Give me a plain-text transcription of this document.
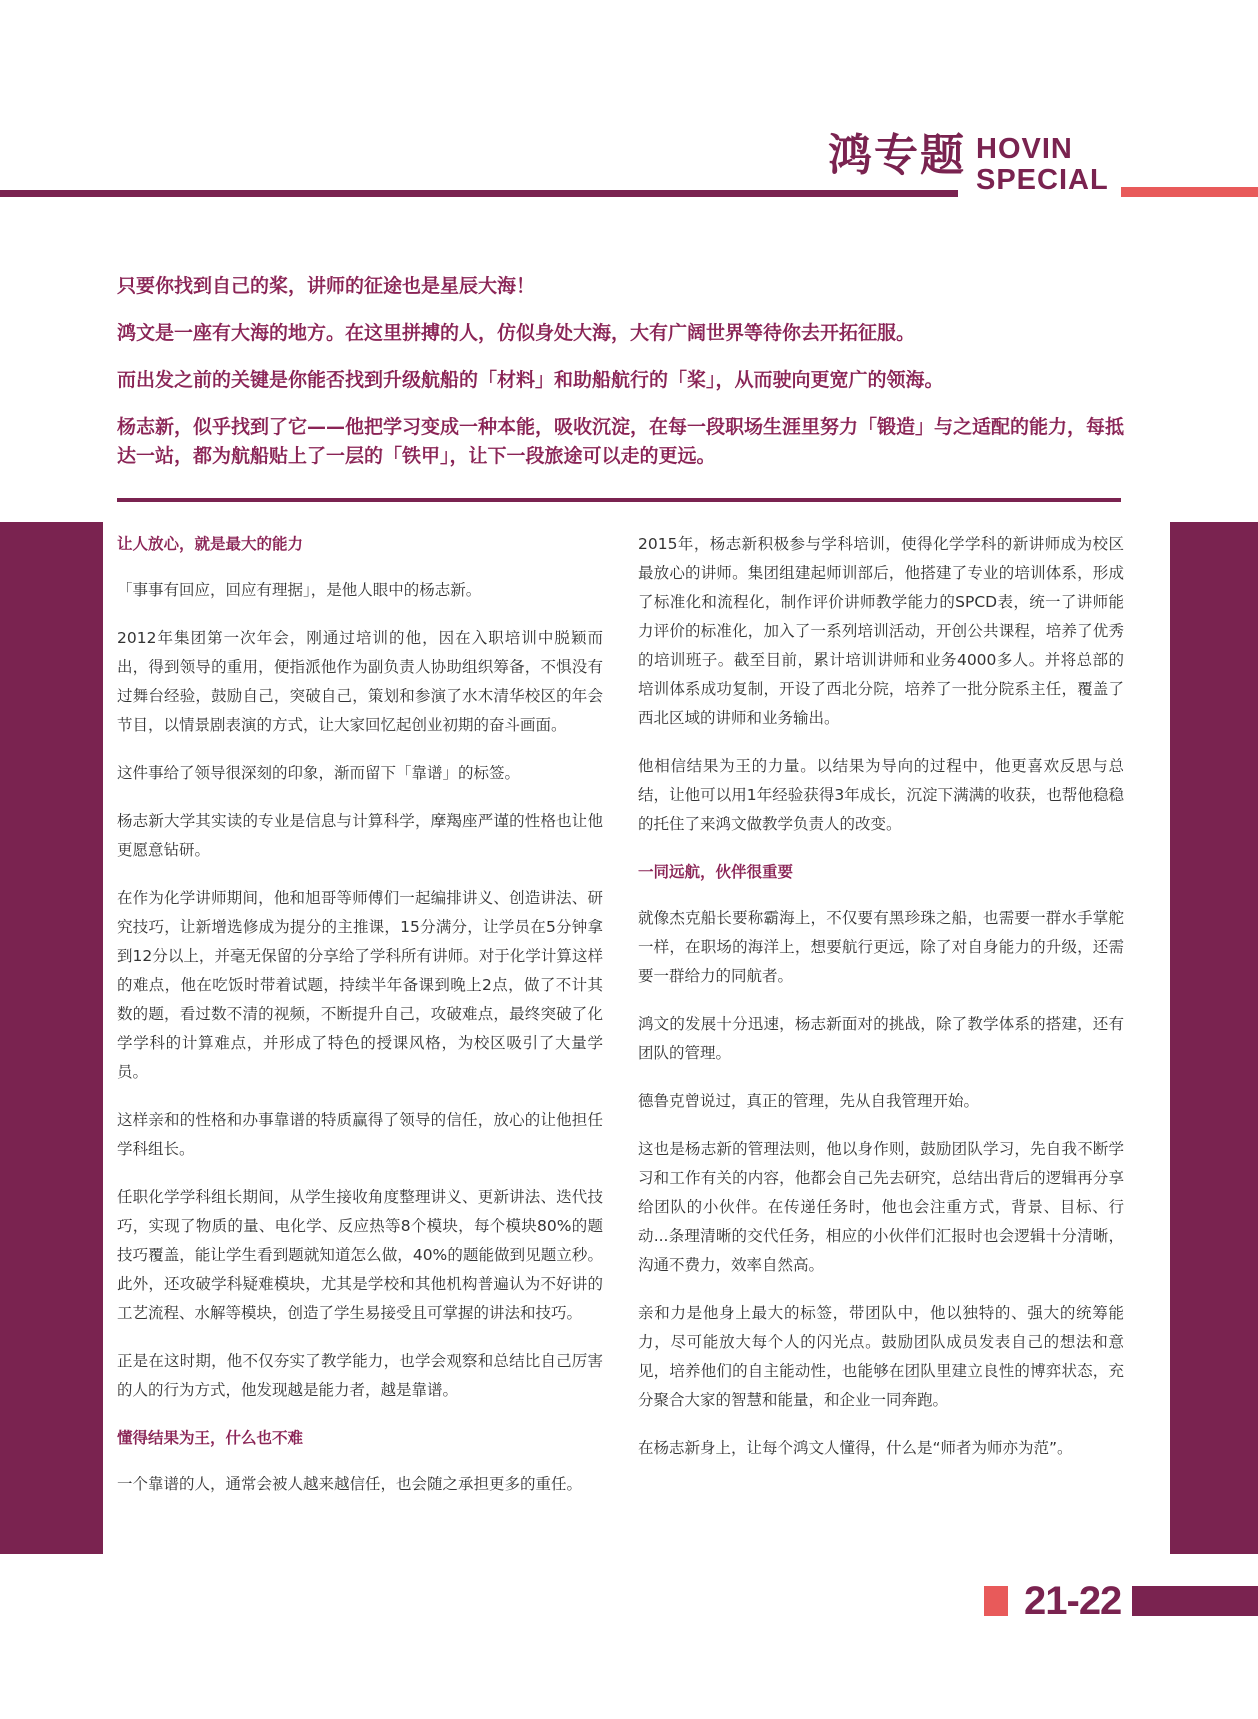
鸿专题 HOVIN
SPECIAL

只要你找到自己的桨，讲师的征途也是星辰大海！

鸿文是一座有大海的地方。在这里拼搏的人，仿似身处大海，大有广阔世界等待你去开拓征服。

而出发之前的关键是你能否找到升级航船的「材料」和助船航行的「桨」，从而驶向更宽广的领海。

杨志新，似乎找到了它——他把学习变成一种本能，吸收沉淀，在每一段职场生涯里努力「锻造」与之适配的能力，每抵达一站，都为航船贴上了一层的「铁甲」，让下一段旅途可以走的更远。

让人放心，就是最大的能力

「事事有回应，回应有理据」，是他人眼中的杨志新。

2012年集团第一次年会，刚通过培训的他，因在入职培训中脱颖而出，得到领导的重用，便指派他作为副负责人协助组织筹备，不惧没有过舞台经验，鼓励自己，突破自己，策划和参演了水木清华校区的年会节目，以情景剧表演的方式，让大家回忆起创业初期的奋斗画面。

这件事给了领导很深刻的印象，渐而留下「靠谱」的标签。

杨志新大学其实读的专业是信息与计算科学，摩羯座严谨的性格也让他更愿意钻研。

在作为化学讲师期间，他和旭哥等师傅们一起编排讲义、创造讲法、研究技巧，让新增选修成为提分的主推课，15分满分，让学员在5分钟拿到12分以上，并毫无保留的分享给了学科所有讲师。对于化学计算这样的难点，他在吃饭时带着试题，持续半年备课到晚上2点，做了不计其数的题，看过数不清的视频，不断提升自己，攻破难点，最终突破了化学学科的计算难点，并形成了特色的授课风格，为校区吸引了大量学员。

这样亲和的性格和办事靠谱的特质赢得了领导的信任，放心的让他担任学科组长。

任职化学学科组长期间，从学生接收角度整理讲义、更新讲法、迭代技巧，实现了物质的量、电化学、反应热等8个模块，每个模块80%的题技巧覆盖，能让学生看到题就知道怎么做，40%的题能做到见题立秒。此外，还攻破学科疑难模块，尤其是学校和其他机构普遍认为不好讲的工艺流程、水解等模块，创造了学生易接受且可掌握的讲法和技巧。

正是在这时期，他不仅夯实了教学能力，也学会观察和总结比自己厉害的人的行为方式，他发现越是能力者，越是靠谱。

懂得结果为王，什么也不难

一个靠谱的人，通常会被人越来越信任，也会随之承担更多的重任。

2015年，杨志新积极参与学科培训，使得化学学科的新讲师成为校区最放心的讲师。集团组建起师训部后，他搭建了专业的培训体系，形成了标准化和流程化，制作评价讲师教学能力的SPCD表，统一了讲师能力评价的标准化，加入了一系列培训活动，开创公共课程，培养了优秀的培训班子。截至目前，累计培训讲师和业务4000多人。并将总部的培训体系成功复制，开设了西北分院，培养了一批分院系主任，覆盖了西北区域的讲师和业务输出。

他相信结果为王的力量。以结果为导向的过程中，他更喜欢反思与总结，让他可以用1年经验获得3年成长，沉淀下满满的收获，也帮他稳稳的托住了来鸿文做教学负责人的改变。

一同远航，伙伴很重要

就像杰克船长要称霸海上，不仅要有黑珍珠之船，也需要一群水手掌舵一样，在职场的海洋上，想要航行更远，除了对自身能力的升级，还需要一群给力的同航者。

鸿文的发展十分迅速，杨志新面对的挑战，除了教学体系的搭建，还有团队的管理。

德鲁克曾说过，真正的管理，先从自我管理开始。

这也是杨志新的管理法则，他以身作则，鼓励团队学习，先自我不断学习和工作有关的内容，他都会自己先去研究，总结出背后的逻辑再分享给团队的小伙伴。在传递任务时，他也会注重方式，背景、目标、行动...条理清晰的交代任务，相应的小伙伴们汇报时也会逻辑十分清晰，沟通不费力，效率自然高。

亲和力是他身上最大的标签，带团队中，他以独特的、强大的统筹能力，尽可能放大每个人的闪光点。鼓励团队成员发表自己的想法和意见，培养他们的自主能动性，也能够在团队里建立良性的博弈状态，充分聚合大家的智慧和能量，和企业一同奔跑。

在杨志新身上，让每个鸿文人懂得，什么是“师者为师亦为范”。

21-22
